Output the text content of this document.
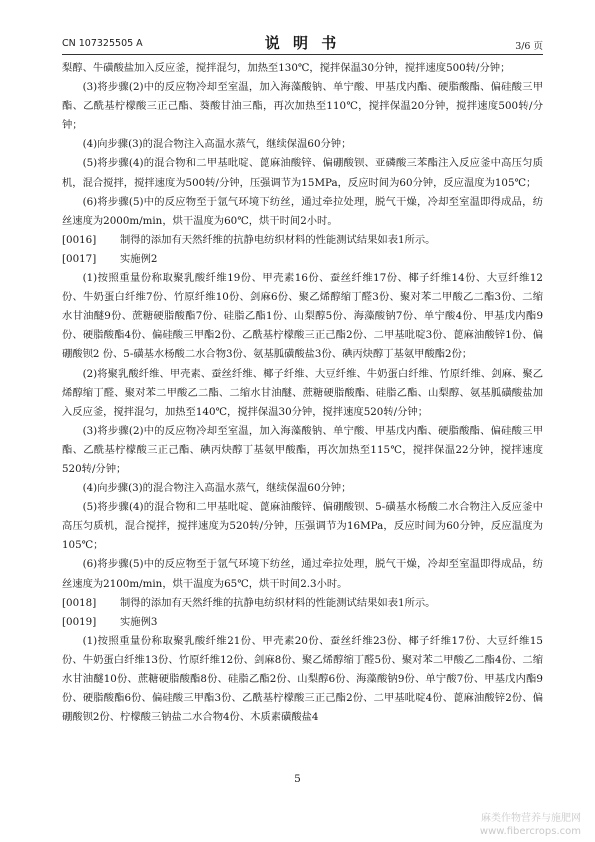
CN 107325505 A	说 明 书	3/6 页

梨醇、牛磺酸盐加入反应釜，搅拌混匀，加热至130℃，搅拌保温30分钟，搅拌速度500转/分钟；

(3)将步骤(2)中的反应物冷却至室温，加入海藻酸钠、单宁酸、甲基戊内酯、硬脂酸酯、偏硅酸三甲酯、乙酰基柠檬酸三正己酯、葵酸甘油三酯，再次加热至110℃，搅拌保温20分钟，搅拌速度500转/分钟；

(4)向步骤(3)的混合物注入高温水蒸气，继续保温60分钟；

(5)将步骤(4)的混合物和二甲基吡啶、蓖麻油酸锌、偏硼酸钡、亚磷酸三苯酯注入反应釜中高压匀质机，混合搅拌，搅拌速度为500转/分钟，压强调节为15MPa，反应时间为60分钟，反应温度为105℃；

(6)将步骤(5)中的反应物至于氩气环境下纺丝，通过牵拉处理，脱气干燥，冷却至室温即得成品，纺丝速度为2000m/min，烘干温度为60℃，烘干时间2小时。

[0016]	制得的添加有天然纤维的抗静电纺织材料的性能测试结果如表1所示。
[0017]	实施例2

(1)按照重量份称取聚乳酸纤维19份、甲壳素16份、蚕丝纤维17份、椰子纤维14份、大豆纤维12份、牛奶蛋白纤维7份、竹原纤维10份、剑麻6份、聚乙烯醇缩丁醛3份、聚对苯二甲酸乙二酯3份、二缩水甘油醚9份、蔗糖硬脂酸酯7份、硅脂乙酯1份、山梨醇5份、海藻酸钠7份、单宁酸4份、甲基戊内酯9份、硬脂酸酯4份、偏硅酸三甲酯2份、乙酰基柠檬酸三正己酯2份、二甲基吡啶3份、蓖麻油酸锌1份、偏硼酸钡2 份、5-磺基水杨酸二水合物3份、氨基胍磺酸盐3份、碘丙炔醇丁基氨甲酸酯2份；

(2)将聚乳酸纤维、甲壳素、蚕丝纤维、椰子纤维、大豆纤维、牛奶蛋白纤维、竹原纤维、剑麻、聚乙烯醇缩丁醛、聚对苯二甲酸乙二酯、二缩水甘油醚、蔗糖硬脂酸酯、硅脂乙酯、山梨醇、氨基胍磺酸盐加入反应釜，搅拌混匀，加热至140℃，搅拌保温30分钟，搅拌速度520转/分钟；

(3)将步骤(2)中的反应物冷却至室温，加入海藻酸钠、单宁酸、甲基戊内酯、硬脂酸酯、偏硅酸三甲酯、乙酰基柠檬酸三正己酯、碘丙炔醇丁基氨甲酸酯，再次加热至115℃，搅拌保温22分钟，搅拌速度520转/分钟；

(4)向步骤(3)的混合物注入高温水蒸气，继续保温60分钟；

(5)将步骤(4)的混合物和二甲基吡啶、蓖麻油酸锌、偏硼酸钡、5-磺基水杨酸二水合物注入反应釜中高压匀质机，混合搅拌，搅拌速度为520转/分钟，压强调节为16MPa，反应时间为60分钟，反应温度为105℃；

(6)将步骤(5)中的反应物至于氩气环境下纺丝，通过牵拉处理，脱气干燥，冷却至室温即得成品，纺丝速度为2100m/min，烘干温度为65℃，烘干时间2.3小时。

[0018]	制得的添加有天然纤维的抗静电纺织材料的性能测试结果如表1所示。
[0019]	实施例3

(1)按照重量份称取聚乳酸纤维21份、甲壳素20份、蚕丝纤维23份、椰子纤维17份、大豆纤维15份、牛奶蛋白纤维13份、竹原纤维12份、剑麻8份、聚乙烯醇缩丁醛5份、聚对苯二甲酸乙二酯4份、二缩水甘油醚10份、蔗糖硬脂酸酯8份、硅脂乙酯2份、山梨醇6份、海藻酸钠9份、单宁酸7份、甲基戊内酯9份、硬脂酸酯6份、偏硅酸三甲酯3份、乙酰基柠檬酸三正己酯2份、二甲基吡啶4份、蓖麻油酸锌2份、偏硼酸钡2份、柠檬酸三钠盐二水合物4份、木质素磺酸盐4

5
麻类作物营养与施肥网
www.fibercrops.com
